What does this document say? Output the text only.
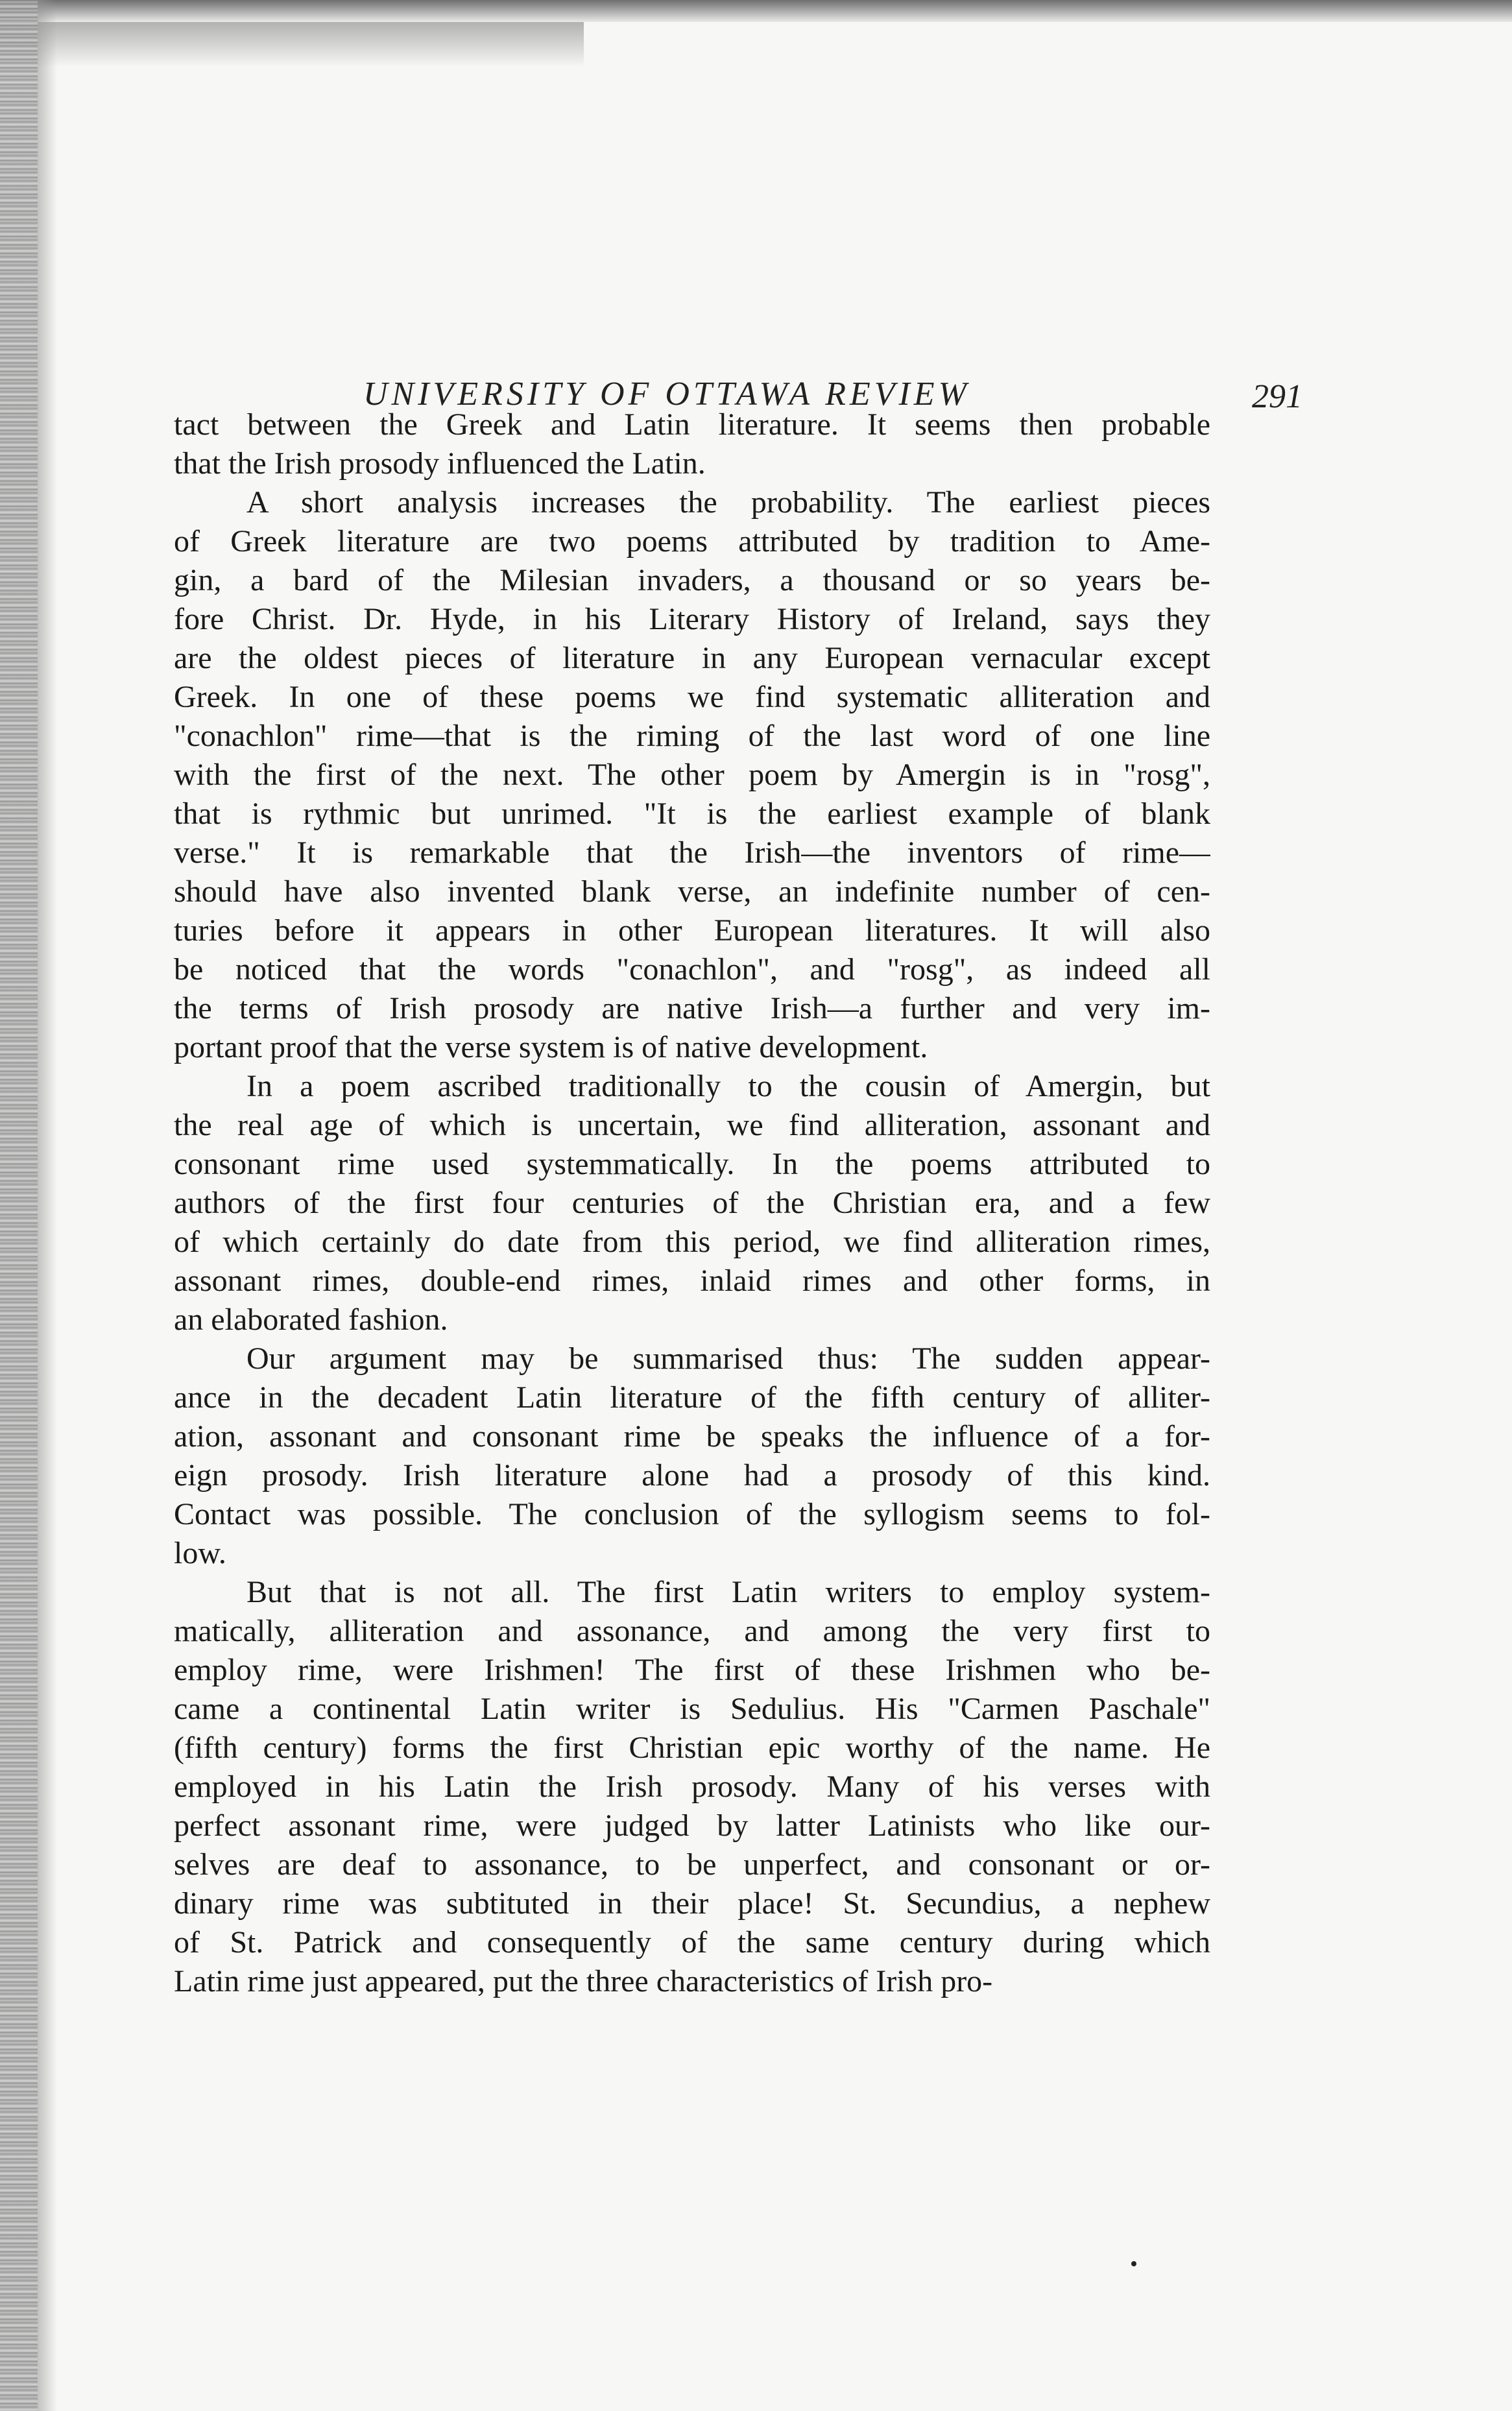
UNIVERSITY OF OTTAWA REVIEW	291
tact between the Greek and Latin literature. It seems then probable
that the Irish prosody influenced the Latin.
A short analysis increases the probability. The earliest pieces
of Greek literature are two poems attributed by tradition to Ame-
gin, a bard of the Milesian invaders, a thousand or so years be-
fore Christ. Dr. Hyde, in his Literary History of Ireland, says they
are the oldest pieces of literature in any European vernacular except
Greek. In one of these poems we find systematic alliteration and
"conachlon" rime—that is the riming of the last word of one line
with the first of the next. The other poem by Amergin is in "rosg",
that is rythmic but unrimed. "It is the earliest example of blank
verse." It is remarkable that the Irish—the inventors of rime—
should have also invented blank verse, an indefinite number of cen-
turies before it appears in other European literatures. It will also
be noticed that the words "conachlon", and "rosg", as indeed all
the terms of Irish prosody are native Irish—a further and very im-
portant proof that the verse system is of native development.
In a poem ascribed traditionally to the cousin of Amergin, but
the real age of which is uncertain, we find alliteration, assonant and
consonant rime used systemmatically. In the poems attributed to
authors of the first four centuries of the Christian era, and a few
of which certainly do date from this period, we find alliteration rimes,
assonant rimes, double-end rimes, inlaid rimes and other forms, in
an elaborated fashion.
Our argument may be summarised thus: The sudden appear-
ance in the decadent Latin literature of the fifth century of alliter-
ation, assonant and consonant rime be speaks the influence of a for-
eign prosody. Irish literature alone had a prosody of this kind.
Contact was possible. The conclusion of the syllogism seems to fol-
low.
But that is not all. The first Latin writers to employ system-
matically, alliteration and assonance, and among the very first to
employ rime, were Irishmen! The first of these Irishmen who be-
came a continental Latin writer is Sedulius. His "Carmen Paschale"
(fifth century) forms the first Christian epic worthy of the name. He
employed in his Latin the Irish prosody. Many of his verses with
perfect assonant rime, were judged by latter Latinists who like our-
selves are deaf to assonance, to be unperfect, and consonant or or-
dinary rime was subtituted in their place! St. Secundius, a nephew
of St. Patrick and consequently of the same century during which
Latin rime just appeared, put the three characteristics of Irish pro-
